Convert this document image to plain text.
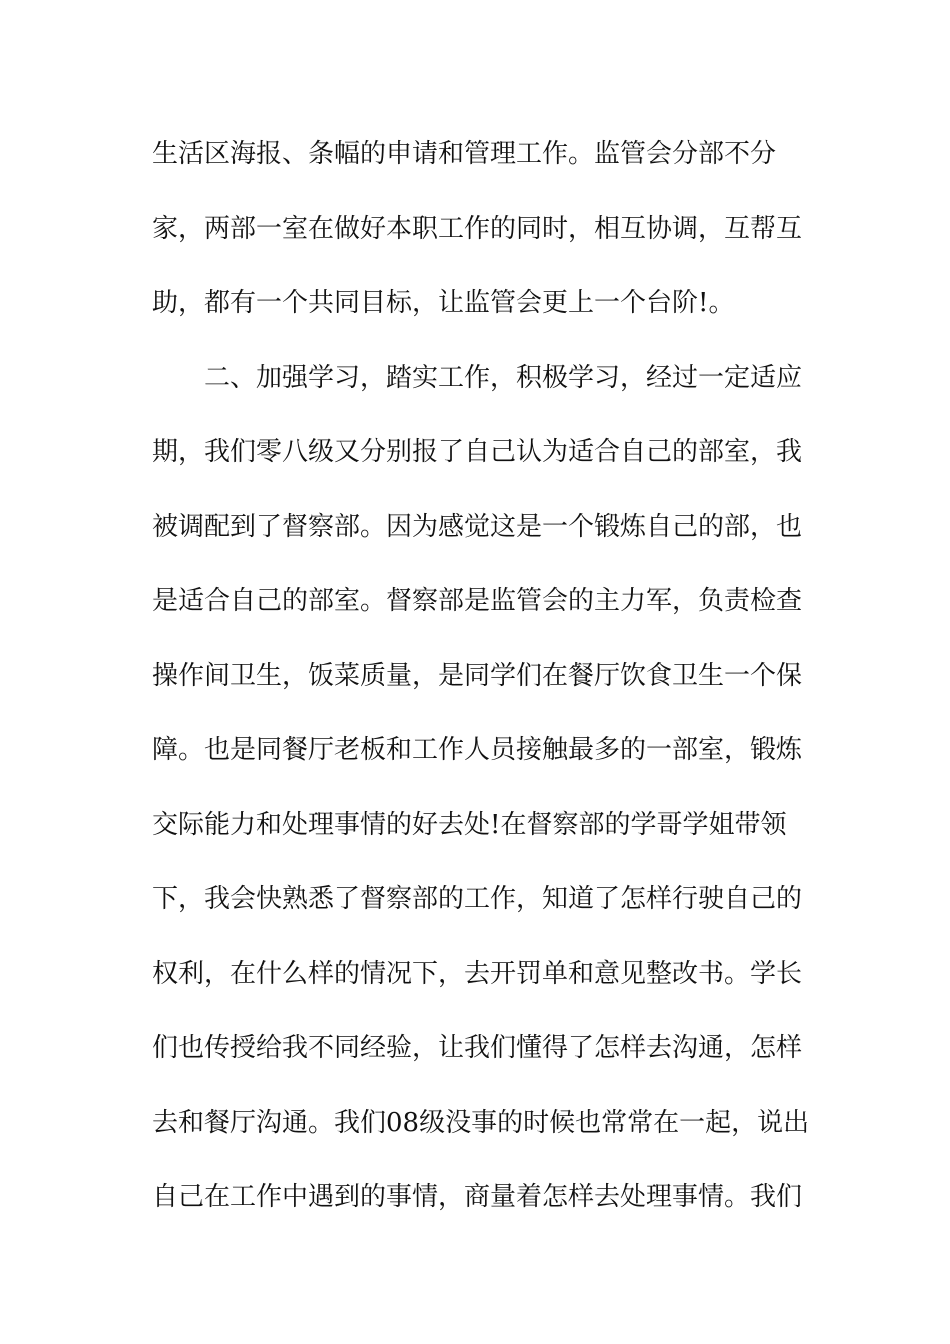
生活区海报、条幅的申请和管理工作。监管会分部不分
家，两部一室在做好本职工作的同时，相互协调，互帮互
助，都有一个共同目标，让监管会更上一个台阶!。
　　二、加强学习，踏实工作，积极学习，经过一定适应
期，我们零八级又分别报了自己认为适合自己的部室，我
被调配到了督察部。因为感觉这是一个锻炼自己的部，也
是适合自己的部室。督察部是监管会的主力军，负责检查
操作间卫生，饭菜质量，是同学们在餐厅饮食卫生一个保
障。也是同餐厅老板和工作人员接触最多的一部室，锻炼
交际能力和处理事情的好去处!在督察部的学哥学姐带领
下，我会快熟悉了督察部的工作，知道了怎样行驶自己的
权利，在什么样的情况下，去开罚单和意见整改书。学长
们也传授给我不同经验，让我们懂得了怎样去沟通，怎样
去和餐厅沟通。我们08级没事的时候也常常在一起，说出
自己在工作中遇到的事情，商量着怎样去处理事情。我们
